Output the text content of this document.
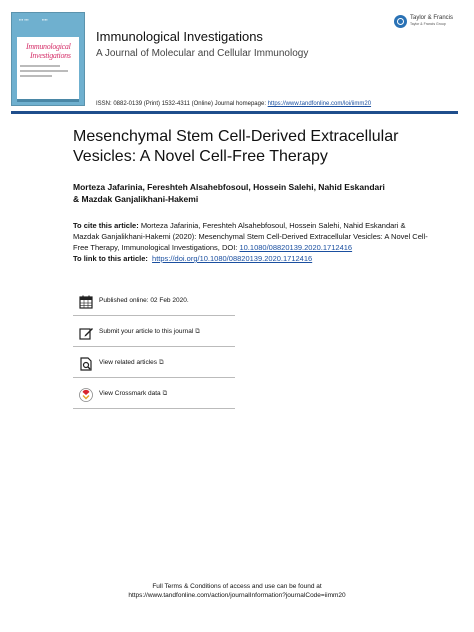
▪▪▪ ▪▪▪	▪▪▪▪
Immunological
Investigations
Immunological Investigations
A Journal of Molecular and Cellular Immunology
Taylor & Francis
Taylor & Francis Group
ISSN: 0882-0139 (Print) 1532-4311 (Online) Journal homepage: https://www.tandfonline.com/loi/iimm20
Mesenchymal Stem Cell-Derived Extracellular Vesicles: A Novel Cell-Free Therapy
Morteza Jafarinia, Fereshteh Alsahebfosoul, Hossein Salehi, Nahid Eskandari
& Mazdak Ganjalikhani-Hakemi
To cite this article: Morteza Jafarinia, Fereshteh Alsahebfosoul, Hossein Salehi, Nahid Eskandari & Mazdak Ganjalikhani-Hakemi (2020): Mesenchymal Stem Cell-Derived Extracellular Vesicles: A Novel Cell-Free Therapy, Immunological Investigations, DOI: 10.1080/08820139.2020.1712416
To link to this article: https://doi.org/10.1080/08820139.2020.1712416
Published online: 02 Feb 2020.
Submit your article to this journal ⧉
View related articles ⧉
View Crossmark data ⧉
Full Terms & Conditions of access and use can be found at
https://www.tandfonline.com/action/journalInformation?journalCode=iimm20
